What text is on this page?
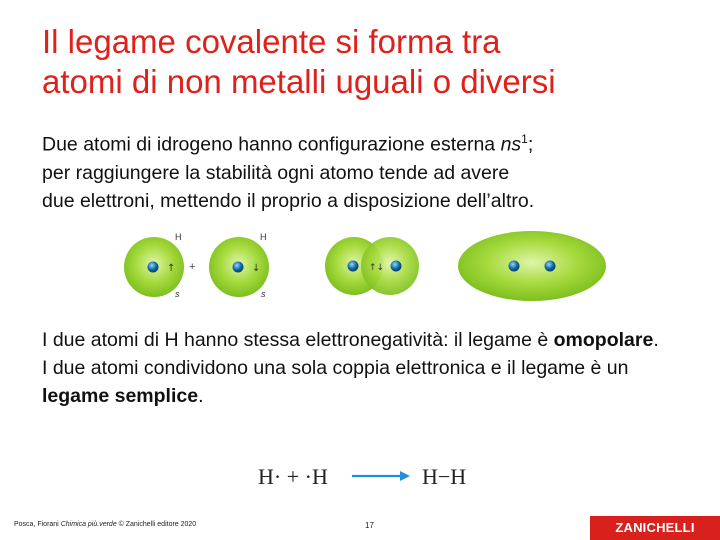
Il legame covalente si forma tra
atomi di non metalli uguali o diversi
Due atomi di idrogeno hanno configurazione esterna $ns^1$;
per raggiungere la stabilità ogni atomo tende ad avere
due elettroni, mettendo il proprio a disposizione dell’altro.
H
↑
s
+
H
↓
s
↑↓
I due atomi di H hanno stessa elettronegatività: il legame è omopolare.
I due atomi condividono una sola coppia elettronica e il legame è un legame semplice.
H· + ·H	H−H
Posca, Fiorani Chimica più.verde © Zanichelli editore 2020	17	ZANICHELLI
